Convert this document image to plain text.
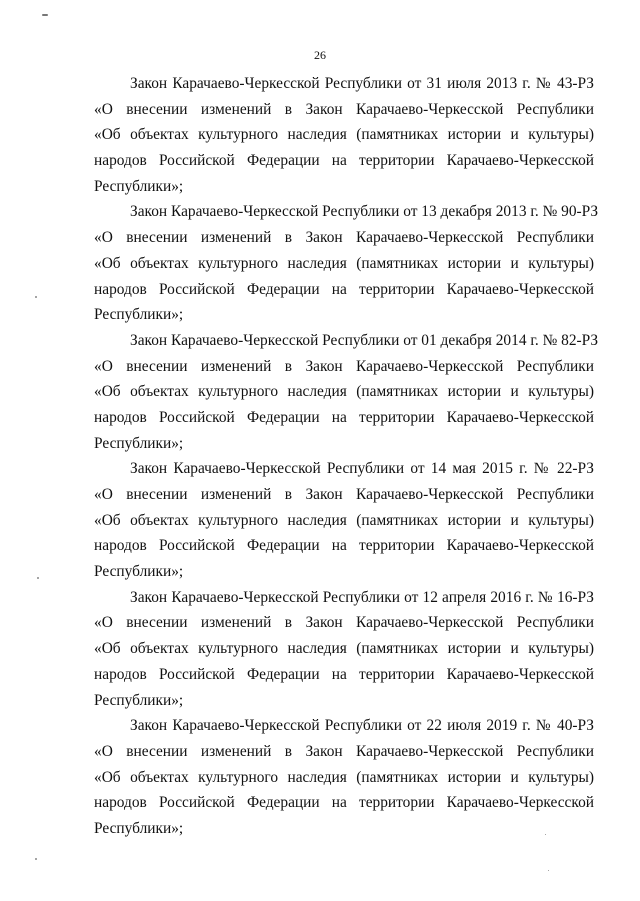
26
Закон Карачаево-Черкесской Республики от 31 июля 2013 г. № 43-РЗ
«О внесении изменений в Закон Карачаево-Черкесской Республики
«Об объектах культурного наследия (памятниках истории и культуры)
народов Российской Федерации на территории Карачаево-Черкесской
Республики»;
Закон Карачаево-Черкесской Республики от 13 декабря 2013 г. № 90-РЗ
«О внесении изменений в Закон Карачаево-Черкесской Республики
«Об объектах культурного наследия (памятниках истории и культуры)
народов Российской Федерации на территории Карачаево-Черкесской
Республики»;
Закон Карачаево-Черкесской Республики от 01 декабря 2014 г. № 82-РЗ
«О внесении изменений в Закон Карачаево-Черкесской Республики
«Об объектах культурного наследия (памятниках истории и культуры)
народов Российской Федерации на территории Карачаево-Черкесской
Республики»;
Закон Карачаево-Черкесской Республики от 14 мая 2015 г. № 22-РЗ
«О внесении изменений в Закон Карачаево-Черкесской Республики
«Об объектах культурного наследия (памятниках истории и культуры)
народов Российской Федерации на территории Карачаево-Черкесской
Республики»;
Закон Карачаево-Черкесской Республики от 12 апреля 2016 г. № 16-РЗ
«О внесении изменений в Закон Карачаево-Черкесской Республики
«Об объектах культурного наследия (памятниках истории и культуры)
народов Российской Федерации на территории Карачаево-Черкесской
Республики»;
Закон Карачаево-Черкесской Республики от 22 июля 2019 г. № 40-РЗ
«О внесении изменений в Закон Карачаево-Черкесской Республики
«Об объектах культурного наследия (памятниках истории и культуры)
народов Российской Федерации на территории Карачаево-Черкесской
Республики»;
